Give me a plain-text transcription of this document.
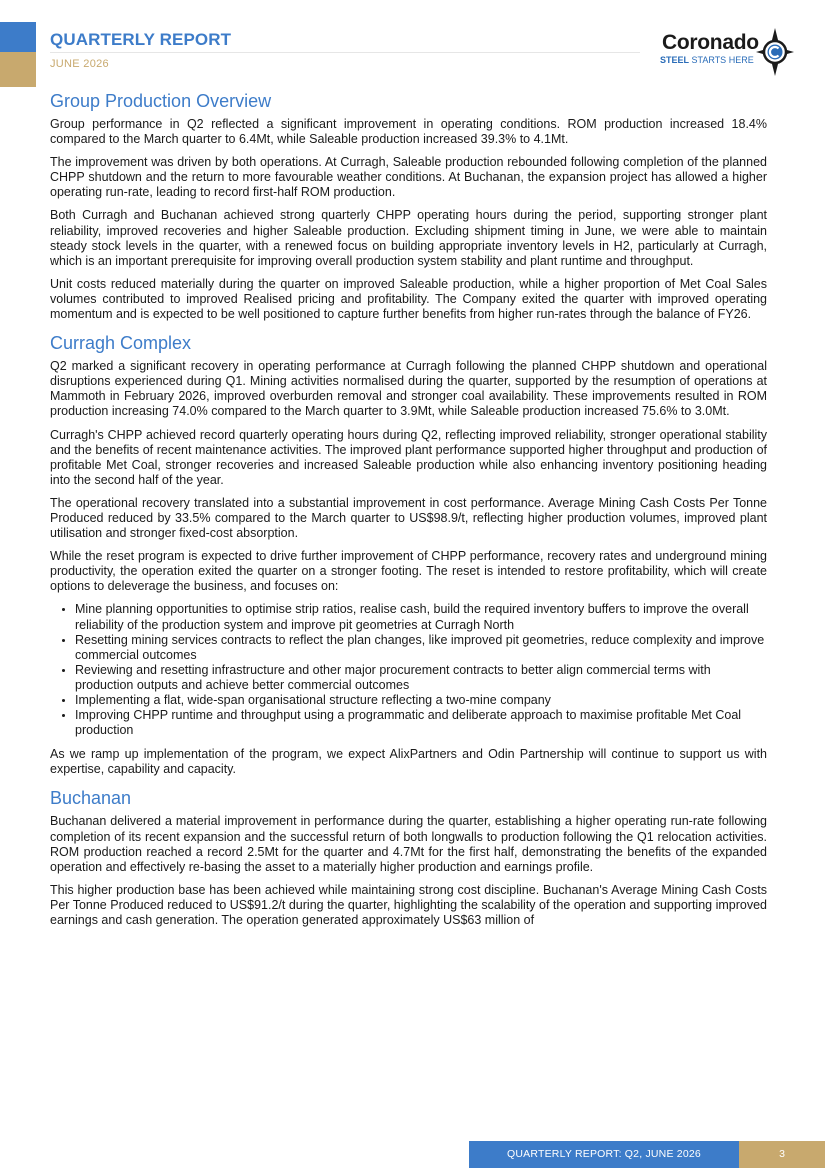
QUARTERLY REPORT
JUNE 2026
Coronado
STEEL STARTS HERE
Group Production Overview

Group performance in Q2 reflected a significant improvement in operating conditions. ROM production increased 18.4% compared to the March quarter to 6.4Mt, while Saleable production increased 39.3% to 4.1Mt.

The improvement was driven by both operations. At Curragh, Saleable production rebounded following completion of the planned CHPP shutdown and the return to more favourable weather conditions. At Buchanan, the expansion project has allowed a higher operating run-rate, leading to record first-half ROM production.

Both Curragh and Buchanan achieved strong quarterly CHPP operating hours during the period, supporting stronger plant reliability, improved recoveries and higher Saleable production. Excluding shipment timing in June, we were able to maintain steady stock levels in the quarter, with a renewed focus on building appropriate inventory levels in H2, particularly at Curragh, which is an important prerequisite for improving overall production system stability and plant runtime and throughput.

Unit costs reduced materially during the quarter on improved Saleable production, while a higher proportion of Met Coal Sales volumes contributed to improved Realised pricing and profitability. The Company exited the quarter with improved operating momentum and is expected to be well positioned to capture further benefits from higher run-rates through the balance of FY26.

Curragh Complex

Q2 marked a significant recovery in operating performance at Curragh following the planned CHPP shutdown and operational disruptions experienced during Q1. Mining activities normalised during the quarter, supported by the resumption of operations at Mammoth in February 2026, improved overburden removal and stronger coal availability. These improvements resulted in ROM production increasing 74.0% compared to the March quarter to 3.9Mt, while Saleable production increased 75.6% to 3.0Mt.

Curragh's CHPP achieved record quarterly operating hours during Q2, reflecting improved reliability, stronger operational stability and the benefits of recent maintenance activities. The improved plant performance supported higher throughput and production of profitable Met Coal, stronger recoveries and increased Saleable production while also enhancing inventory positioning heading into the second half of the year.

The operational recovery translated into a substantial improvement in cost performance. Average Mining Cash Costs Per Tonne Produced reduced by 33.5% compared to the March quarter to US$98.9/t, reflecting higher production volumes, improved plant utilisation and stronger fixed-cost absorption.

While the reset program is expected to drive further improvement of CHPP performance, recovery rates and underground mining productivity, the operation exited the quarter on a stronger footing. The reset is intended to restore profitability, which will create options to deleverage the business, and focuses on:

• Mine planning opportunities to optimise strip ratios, realise cash, build the required inventory buffers to improve the overall reliability of the production system and improve pit geometries at Curragh North
• Resetting mining services contracts to reflect the plan changes, like improved pit geometries, reduce complexity and improve commercial outcomes
• Reviewing and resetting infrastructure and other major procurement contracts to better align commercial terms with production outputs and achieve better commercial outcomes
• Implementing a flat, wide-span organisational structure reflecting a two-mine company
• Improving CHPP runtime and throughput using a programmatic and deliberate approach to maximise profitable Met Coal production

As we ramp up implementation of the program, we expect AlixPartners and Odin Partnership will continue to support us with expertise, capability and capacity.

Buchanan

Buchanan delivered a material improvement in performance during the quarter, establishing a higher operating run-rate following completion of its recent expansion and the successful return of both longwalls to production following the Q1 relocation activities. ROM production reached a record 2.5Mt for the quarter and 4.7Mt for the first half, demonstrating the benefits of the expanded operation and effectively re-basing the asset to a materially higher production and earnings profile.

This higher production base has been achieved while maintaining strong cost discipline. Buchanan's Average Mining Cash Costs Per Tonne Produced reduced to US$91.2/t during the quarter, highlighting the scalability of the operation and supporting improved earnings and cash generation. The operation generated approximately US$63 million of

QUARTERLY REPORT: Q2, JUNE 2026	3
